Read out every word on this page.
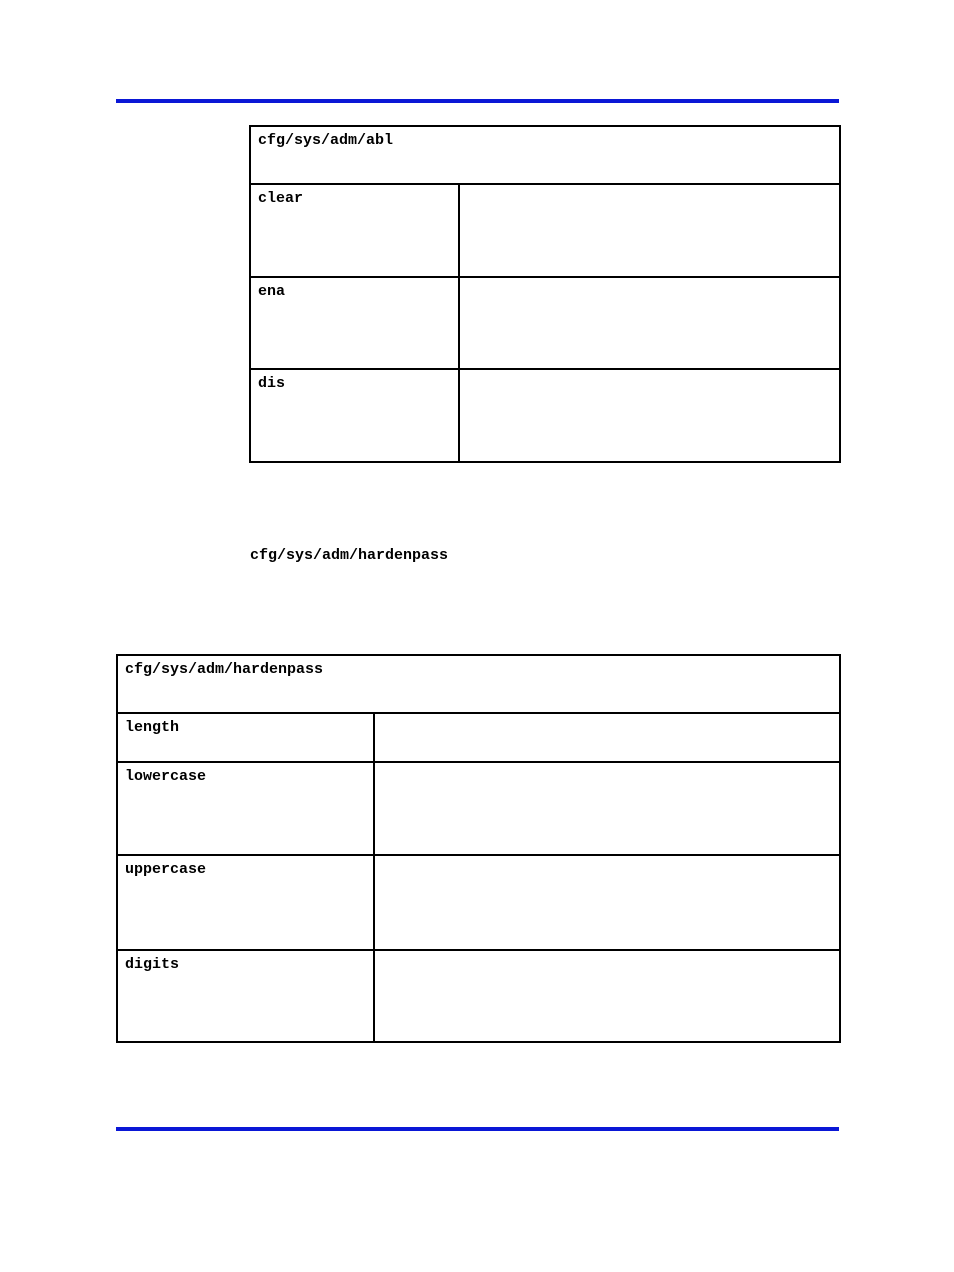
cfg/sys/adm/abl	
clear	
ena	
dis	
cfg/sys/adm/hardenpass
cfg/sys/adm/hardenpass	
length	
lowercase	
uppercase	
digits	
